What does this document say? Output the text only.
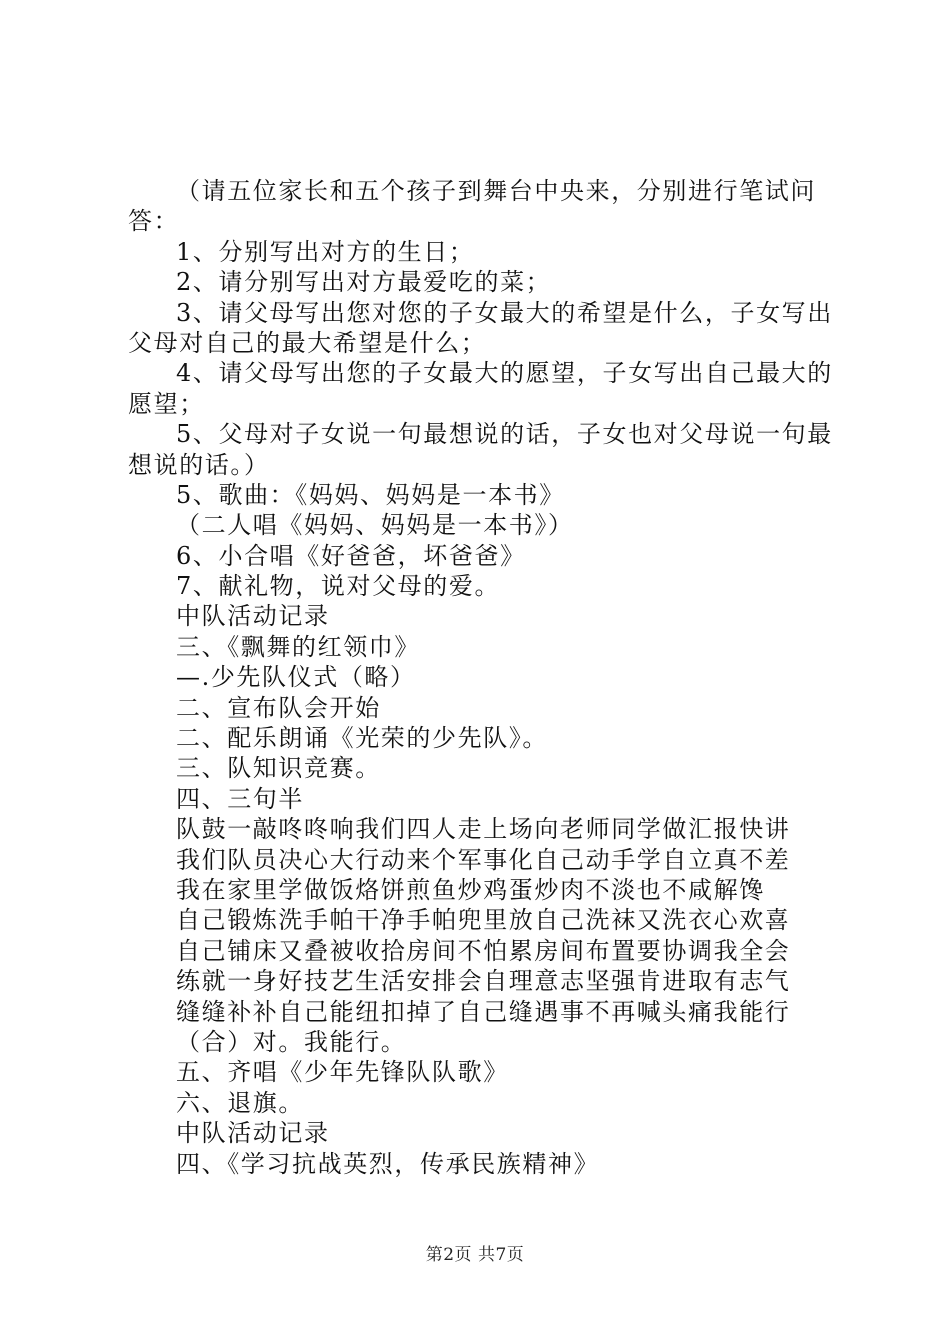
（请五位家长和五个孩子到舞台中央来，分别进行笔试问
答：
1、分别写出对方的生日；
2、请分别写出对方最爱吃的菜；
3、请父母写出您对您的子女最大的希望是什么，子女写出
父母对自己的最大希望是什么；
4、请父母写出您的子女最大的愿望，子女写出自己最大的
愿望；
5、父母对子女说一句最想说的话，子女也对父母说一句最
想说的话。）
5、歌曲：《妈妈、妈妈是一本书》
（二人唱《妈妈、妈妈是一本书》）
6、小合唱《好爸爸，坏爸爸》
7、献礼物，说对父母的爱。
中队活动记录
三、《飘舞的红领巾》
—.少先队仪式（略）
二、宣布队会开始
二、配乐朗诵《光荣的少先队》。
三、队知识竞赛。
四、三句半
队鼓一敲咚咚响我们四人走上场向老师同学做汇报快讲
我们队员决心大行动来个军事化自己动手学自立真不差
我在家里学做饭烙饼煎鱼炒鸡蛋炒肉不淡也不咸解馋
自己锻炼洗手帕干净手帕兜里放自己洗袜又洗衣心欢喜
自己铺床又叠被收拾房间不怕累房间布置要协调我全会
练就一身好技艺生活安排会自理意志坚强肯进取有志气
缝缝补补自己能纽扣掉了自己缝遇事不再喊头痛我能行
（合）对。我能行。
五、齐唱《少年先锋队队歌》
六、退旗。
中队活动记录
四、《学习抗战英烈，传承民族精神》
第2页 共7页
